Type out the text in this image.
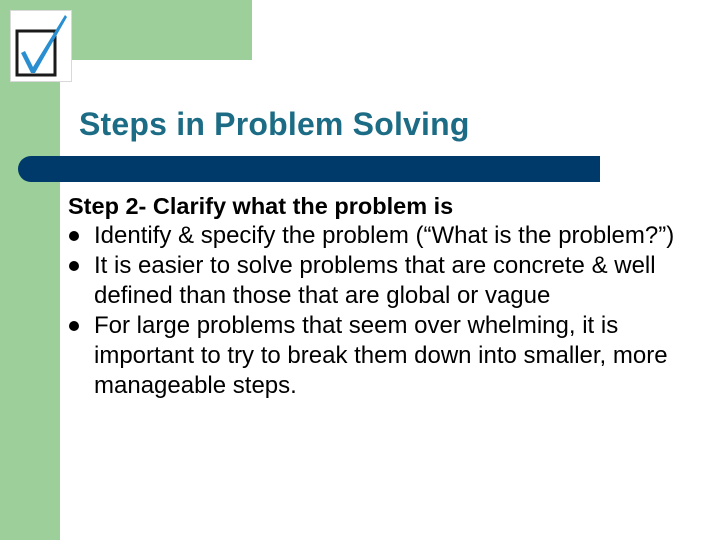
Steps in Problem Solving
Step 2- Clarify what the problem is
Identify & specify the problem (“What is the problem?”)
It is easier to solve problems that are concrete & well defined than those that are global or vague
For large problems that seem over whelming, it is important to try to break them down into smaller, more manageable steps.
